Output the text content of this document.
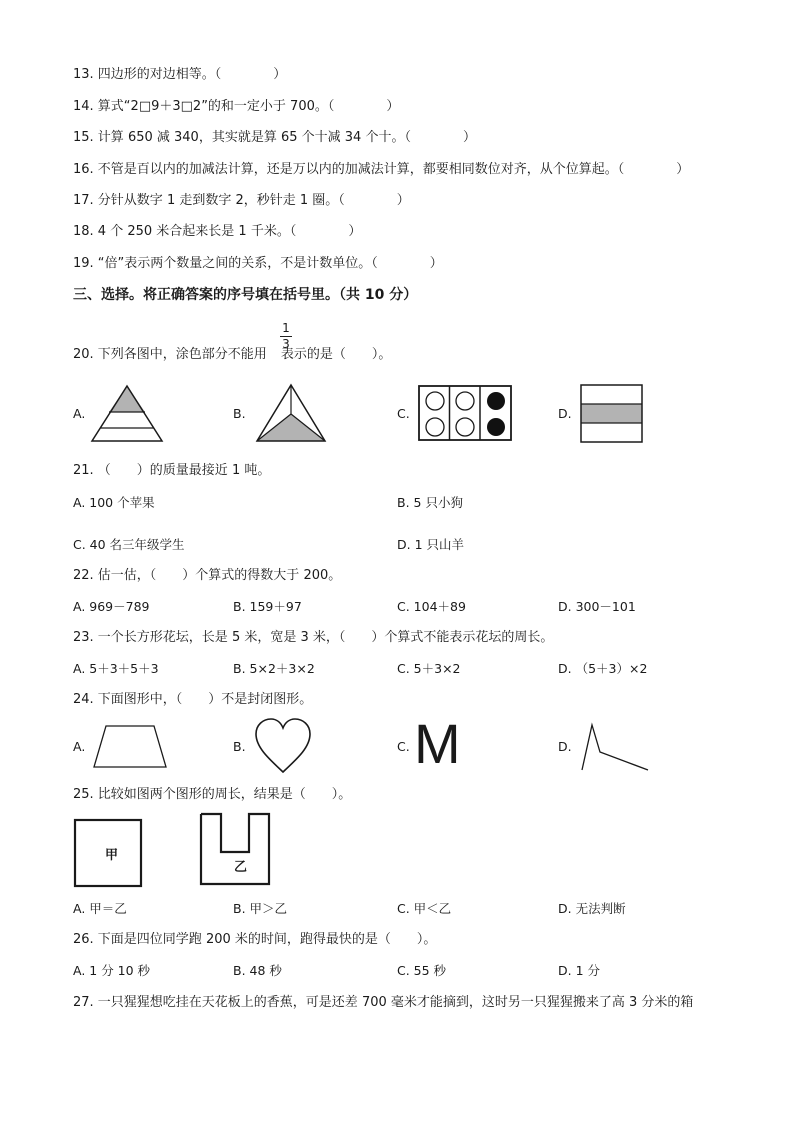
13. 四边形的对边相等。（　　　　）
14. 算式“2□9＋3□2”的和一定小于 700。（　　　　）
15. 计算 650 减 340，其实就是算 65 个十减 34 个十。（　　　　）
16. 不管是百以内的加减法计算，还是万以内的加减法计算，都要相同数位对齐，从个位算起。（　　　　）
17. 分针从数字 1 走到数字 2，秒针走 1 圈。（　　　　）
18. 4 个 250 米合起来长是 1 千米。（　　　　）
19. “倍”表示两个数量之间的关系，不是计数单位。（　　　　）
三、选择。将正确答案的序号填在括号里。（共 10 分）
20. 下列各图中，涂色部分不能用 表示的是（　　）。
1
3
A.	B.	C.	D.
21. （　　）的质量最接近 1 吨。
A. 100 个苹果	B. 5 只小狗
C. 40 名三年级学生	D. 1 只山羊
22. 估一估，（　　）个算式的得数大于 200。
A. 969－789	B. 159＋97	C. 104＋89	D. 300－101
23. 一个长方形花坛，长是 5 米，宽是 3 米，（　　）个算式不能表示花坛的周长。
A. 5＋3＋5＋3	B. 5×2＋3×2	C. 5＋3×2	D. （5＋3）×2
24. 下面图形中，（　　）不是封闭图形。
A.	B.	C. M	D.
25. 比较如图两个图形的周长，结果是（　　）。
甲
乙
A. 甲＝乙	B. 甲＞乙	C. 甲＜乙	D. 无法判断
26. 下面是四位同学跑 200 米的时间，跑得最快的是（　　）。
A. 1 分 10 秒	B. 48 秒	C. 55 秒	D. 1 分
27. 一只猩猩想吃挂在天花板上的香蕉，可是还差 700 毫米才能摘到，这时另一只猩猩搬来了高 3 分米的箱
